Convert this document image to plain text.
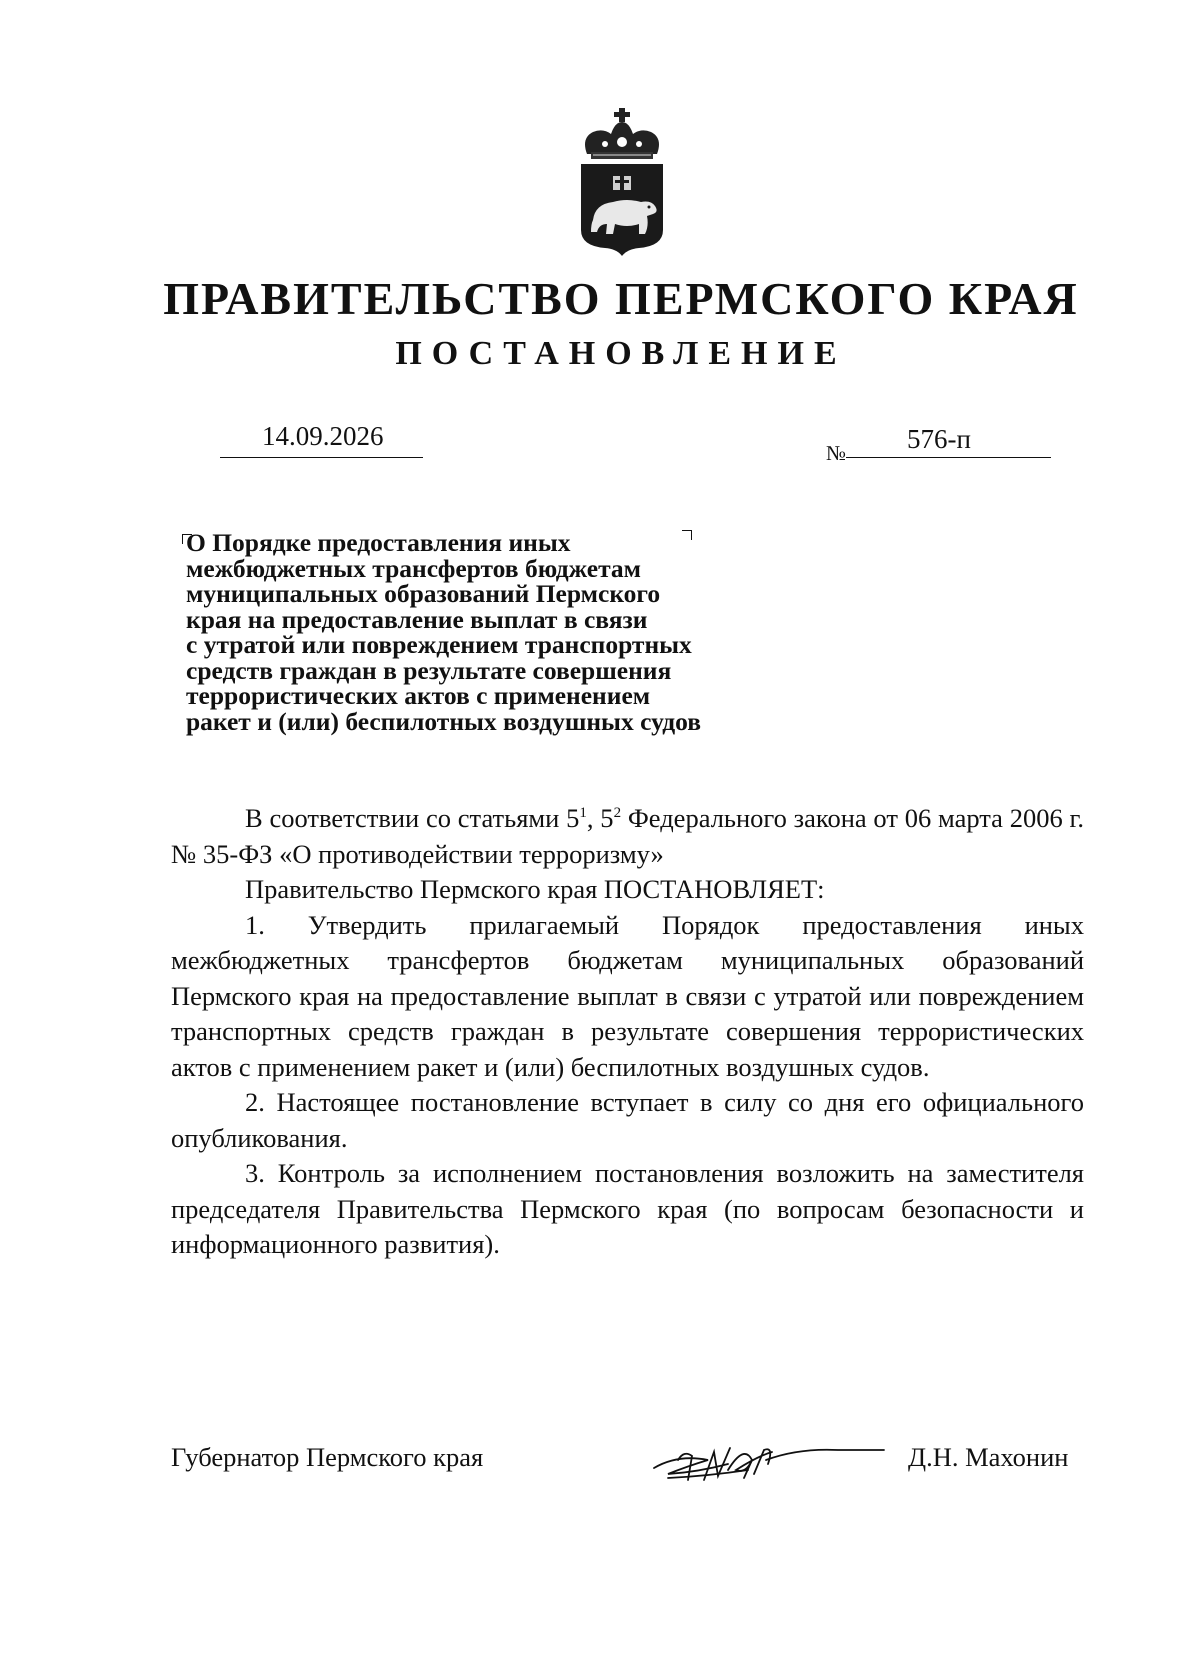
ПРАВИТЕЛЬСТВО ПЕРМСКОГО КРАЯ
ПОСТАНОВЛЕНИЕ
14.09.2026
№ 576-п
О Порядке предоставления иных
межбюджетных трансфертов бюджетам
муниципальных образований Пермского
края на предоставление выплат в связи
с утратой или повреждением транспортных
средств граждан в результате совершения
террористических актов с применением
ракет и (или) беспилотных воздушных судов

В соответствии со статьями $5^1$, $5^2$ Федерального закона от 06 марта 2006 г. № 35-ФЗ «О противодействии терроризму»

Правительство Пермского края ПОСТАНОВЛЯЕТ:

1. Утвердить прилагаемый Порядок предоставления иных межбюджетных трансфертов бюджетам муниципальных образований Пермского края на предоставление выплат в связи с утратой или повреждением транспортных средств граждан в результате совершения террористических актов с применением ракет и (или) беспилотных воздушных судов.

2. Настоящее постановление вступает в силу со дня его официального опубликования.

3. Контроль за исполнением постановления возложить на заместителя председателя Правительства Пермского края (по вопросам безопасности и информационного развития).

Губернатор Пермского края	Д.Н. Махонин
